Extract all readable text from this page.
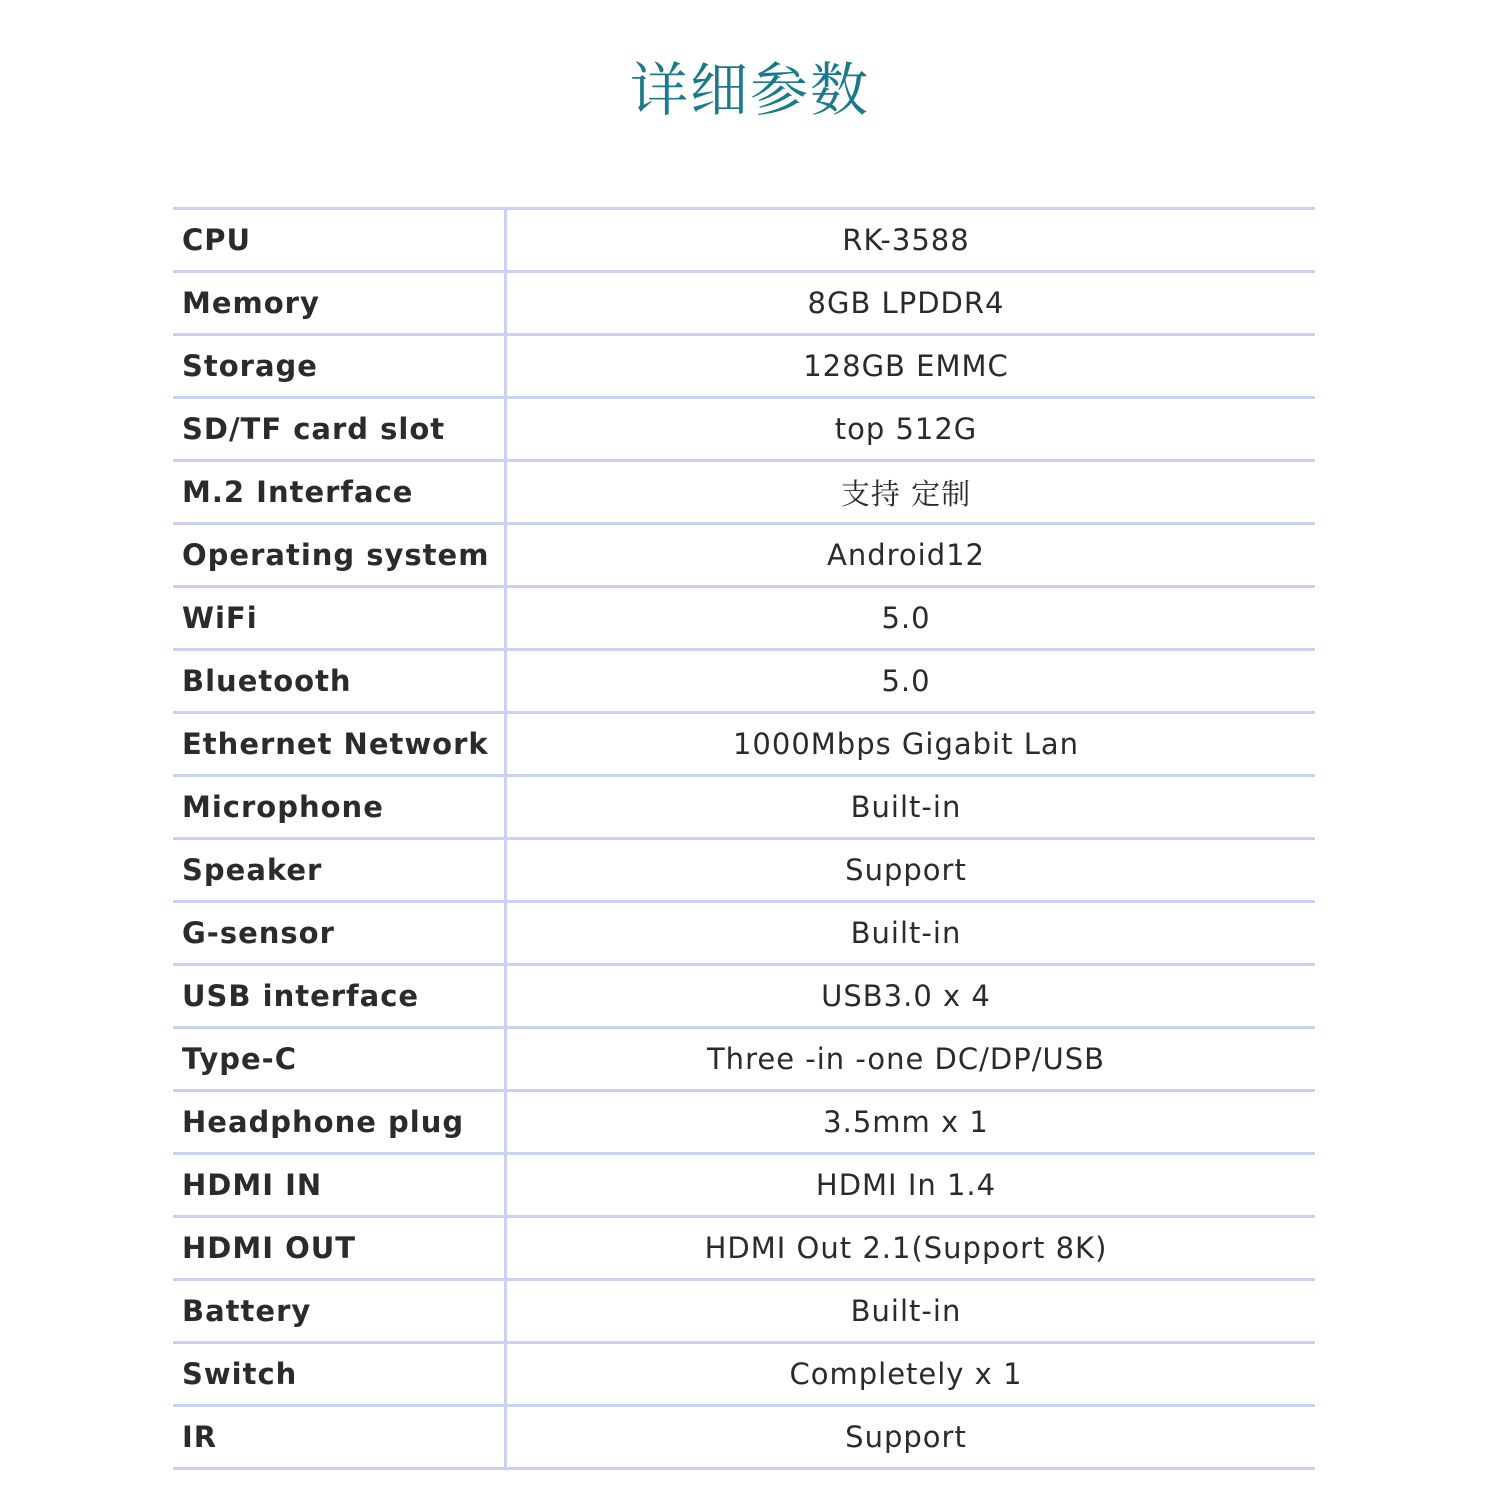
详细参数
CPU	RK-3588
Memory	8GB LPDDR4
Storage	128GB EMMC
SD/TF card slot	top 512G
M.2 Interface	支持 定制
Operating system	Android12
WiFi	5.0
Bluetooth	5.0
Ethernet Network	1000Mbps Gigabit Lan
Microphone	Built-in
Speaker	Support
G-sensor	Built-in
USB interface	USB3.0 x 4
Type-C	Three -in -one DC/DP/USB
Headphone plug	3.5mm x 1
HDMI IN	HDMI In 1.4
HDMI OUT	HDMI Out 2.1(Support 8K)
Battery	Built-in
Switch	Completely x 1
IR	Support
